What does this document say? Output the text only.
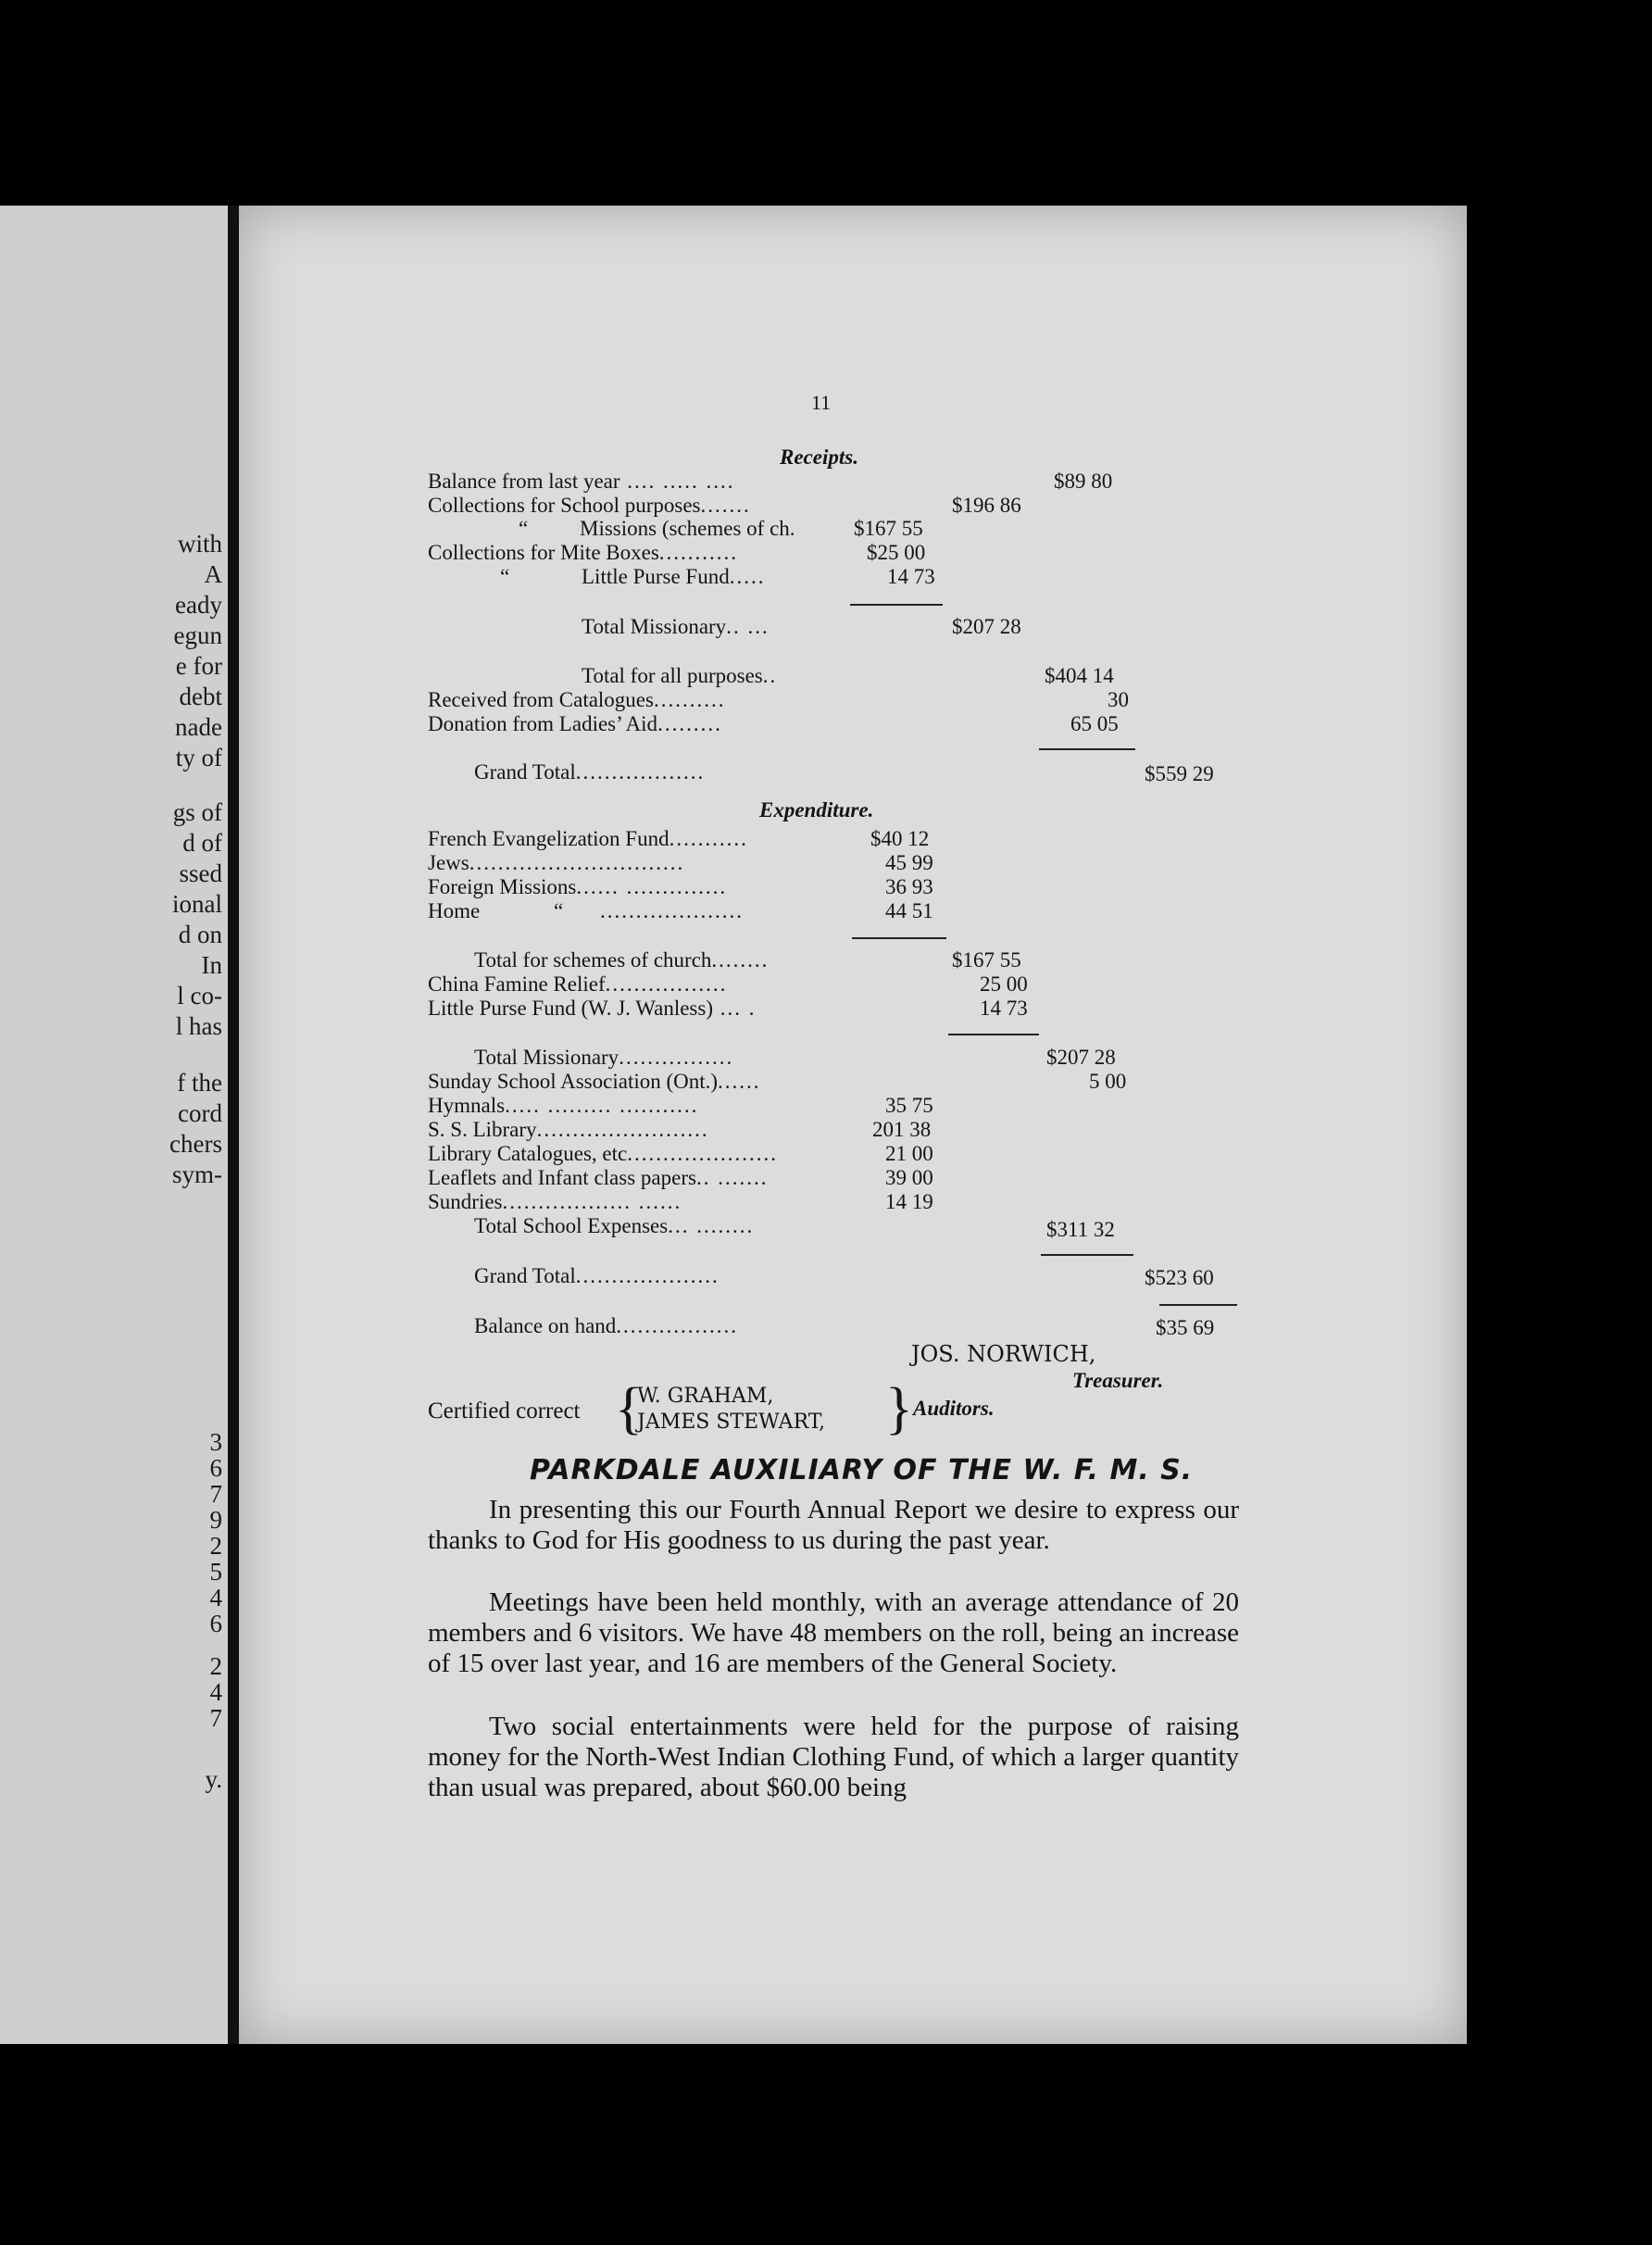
with
A
eady
egun
e for
debt
nade
ty of
gs of
d of
ssed
ional
d on
In
l co-
l has
f the
cord
chers
sym-
3
6
7
9
2
5
4
6
2
4
7
y.
11
Receipts.
Balance from last year .... ..... ....	$89 80
Collections for School purposes.......	$196 86
“ Missions (schemes of ch.	$167 55
Collections for Mite Boxes...........	$25 00
“	Little Purse Fund.....	14 73
Total Missionary.. ...	$207 28
Total for all purposes..	$404 14
Received from Catalogues..........	30
Donation from Ladies’ Aid.........	65 05
Grand Total..................	$559 29
Expenditure.
French Evangelization Fund...........	$40 12
Jews..............................	45 99
Foreign Missions...... ..............	36 93
Home	“ ....................	44 51
Total for schemes of church........	$167 55
China Famine Relief.................	25 00
Little Purse Fund (W. J. Wanless) ... .	14 73
Total Missionary................	$207 28
Sunday School Association (Ont.)......	5 00
Hymnals..... ......... ...........	35 75
S. S. Library........................	201 38
Library Catalogues, etc.....................	21 00
Leaflets and Infant class papers.. .......	39 00
Sundries.................. ......	14 19
Total School Expenses... ........	$311 32
Grand Total....................	$523 60
Balance on hand.................	$35 69
JOS. NORWICH,
Treasurer.
Certified correct {
W. GRAHAM,
JAMES STEWART, } Auditors.
PARKDALE AUXILIARY OF THE W. F. M. S.

In presenting this our Fourth Annual Report we desire to express our thanks to God for His goodness to us during the past year.

Meetings have been held monthly, with an average attendance of 20 members and 6 visitors. We have 48 members on the roll, being an increase of 15 over last year, and 16 are members of the General Society.

Two social entertainments were held for the purpose of raising money for the North-West Indian Clothing Fund, of which a larger quantity than usual was prepared, about $60.00 being
